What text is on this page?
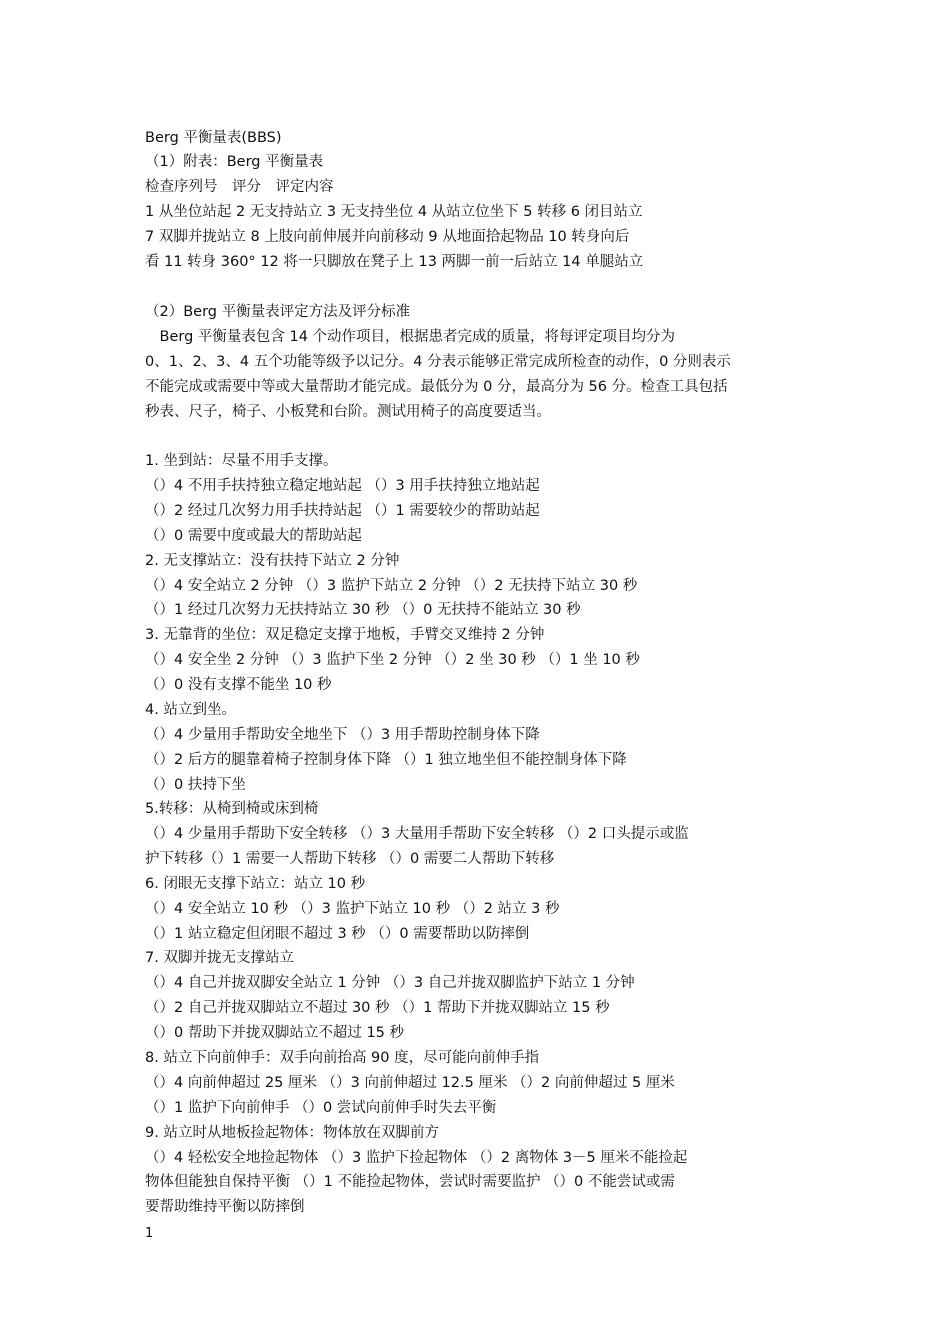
Berg 平衡量表(BBS)
（1）附表：Berg 平衡量表
检查序列号　评分　评定内容
1 从坐位站起 2 无支持站立 3 无支持坐位 4 从站立位坐下 5 转移 6 闭目站立
7 双脚并拢站立 8 上肢向前伸展并向前移动 9 从地面拾起物品 10 转身向后
看 11 转身 360° 12 将一只脚放在凳子上 13 两脚一前一后站立 14 单腿站立
（2）Berg 平衡量表评定方法及评分标准
　Berg 平衡量表包含 14 个动作项目，根据患者完成的质量，将每评定项目均分为
0、1、2、3、4 五个功能等级予以记分。4 分表示能够正常完成所检查的动作，0 分则表示
不能完成或需要中等或大量帮助才能完成。最低分为 0 分，最高分为 56 分。检查工具包括
秒表、尺子，椅子、小板凳和台阶。测试用椅子的高度要适当。
1. 坐到站：尽量不用手支撑。
（）4 不用手扶持独立稳定地站起 （）3 用手扶持独立地站起
（）2 经过几次努力用手扶持站起 （）1 需要较少的帮助站起
（）0 需要中度或最大的帮助站起
2. 无支撑站立：没有扶持下站立 2 分钟
（）4 安全站立 2 分钟 （）3 监护下站立 2 分钟 （）2 无扶持下站立 30 秒
（）1 经过几次努力无扶持站立 30 秒 （）0 无扶持不能站立 30 秒
3. 无靠背的坐位：双足稳定支撑于地板，手臂交叉维持 2 分钟
（）4 安全坐 2 分钟 （）3 监护下坐 2 分钟 （）2 坐 30 秒 （）1 坐 10 秒
（）0 没有支撑不能坐 10 秒
4. 站立到坐。
（）4 少量用手帮助安全地坐下 （）3 用手帮助控制身体下降
（）2 后方的腿靠着椅子控制身体下降 （）1 独立地坐但不能控制身体下降
（）0 扶持下坐
5.转移：从椅到椅或床到椅
（）4 少量用手帮助下安全转移 （）3 大量用手帮助下安全转移 （）2 口头提示或监
护下转移（）1 需要一人帮助下转移 （）0 需要二人帮助下转移
6. 闭眼无支撑下站立：站立 10 秒
（）4 安全站立 10 秒 （）3 监护下站立 10 秒 （）2 站立 3 秒
（）1 站立稳定但闭眼不超过 3 秒 （）0 需要帮助以防摔倒
7. 双脚并拢无支撑站立
（）4 自己并拢双脚安全站立 1 分钟 （）3 自己并拢双脚监护下站立 1 分钟
（）2 自己并拢双脚站立不超过 30 秒 （）1 帮助下并拢双脚站立 15 秒
（）0 帮助下并拢双脚站立不超过 15 秒
8. 站立下向前伸手：双手向前抬高 90 度，尽可能向前伸手指
（）4 向前伸超过 25 厘米 （）3 向前伸超过 12.5 厘米 （）2 向前伸超过 5 厘米
（）1 监护下向前伸手 （）0 尝试向前伸手时失去平衡
9. 站立时从地板捡起物体：物体放在双脚前方
（）4 轻松安全地捡起物体 （）3 监护下捡起物体 （）2 离物体 3－5 厘米不能捡起
物体但能独自保持平衡 （）1 不能捡起物体，尝试时需要监护 （）0 不能尝试或需
要帮助维持平衡以防摔倒
1
